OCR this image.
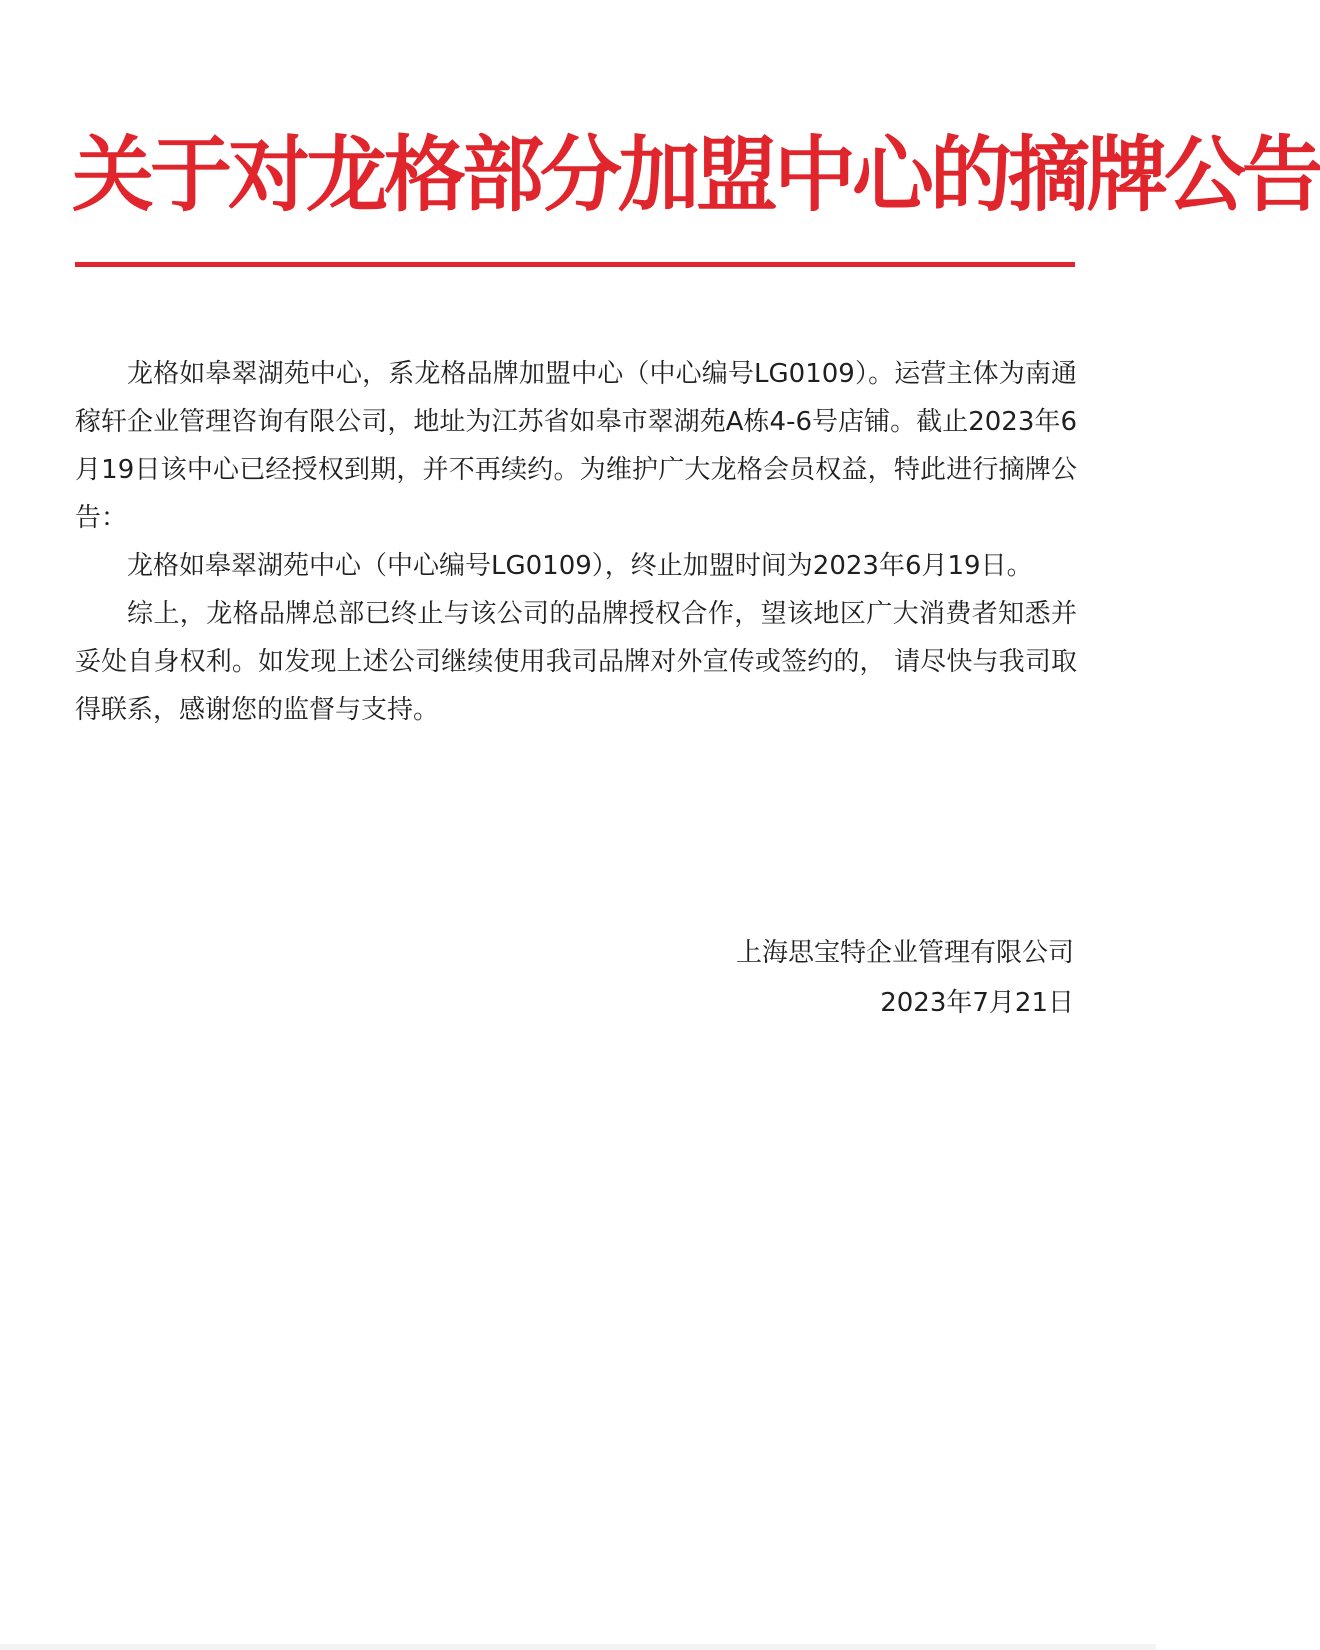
关于对龙格部分加盟中心的摘牌公告

龙格如皋翠湖苑中心，系龙格品牌加盟中心（中心编号LG0109）。运营主体为南通稼轩企业管理咨询有限公司，地址为江苏省如皋市翠湖苑A栋4-6号店铺。截止2023年6月19日该中心已经授权到期，并不再续约。为维护广大龙格会员权益，特此进行摘牌公告：

龙格如皋翠湖苑中心（中心编号LG0109），终止加盟时间为2023年6月19日。

综上，龙格品牌总部已终止与该公司的品牌授权合作，望该地区广大消费者知悉并妥处自身权利。如发现上述公司继续使用我司品牌对外宣传或签约的， 请尽快与我司取得联系，感谢您的监督与支持。

上海思宝特企业管理有限公司
2023年7月21日
